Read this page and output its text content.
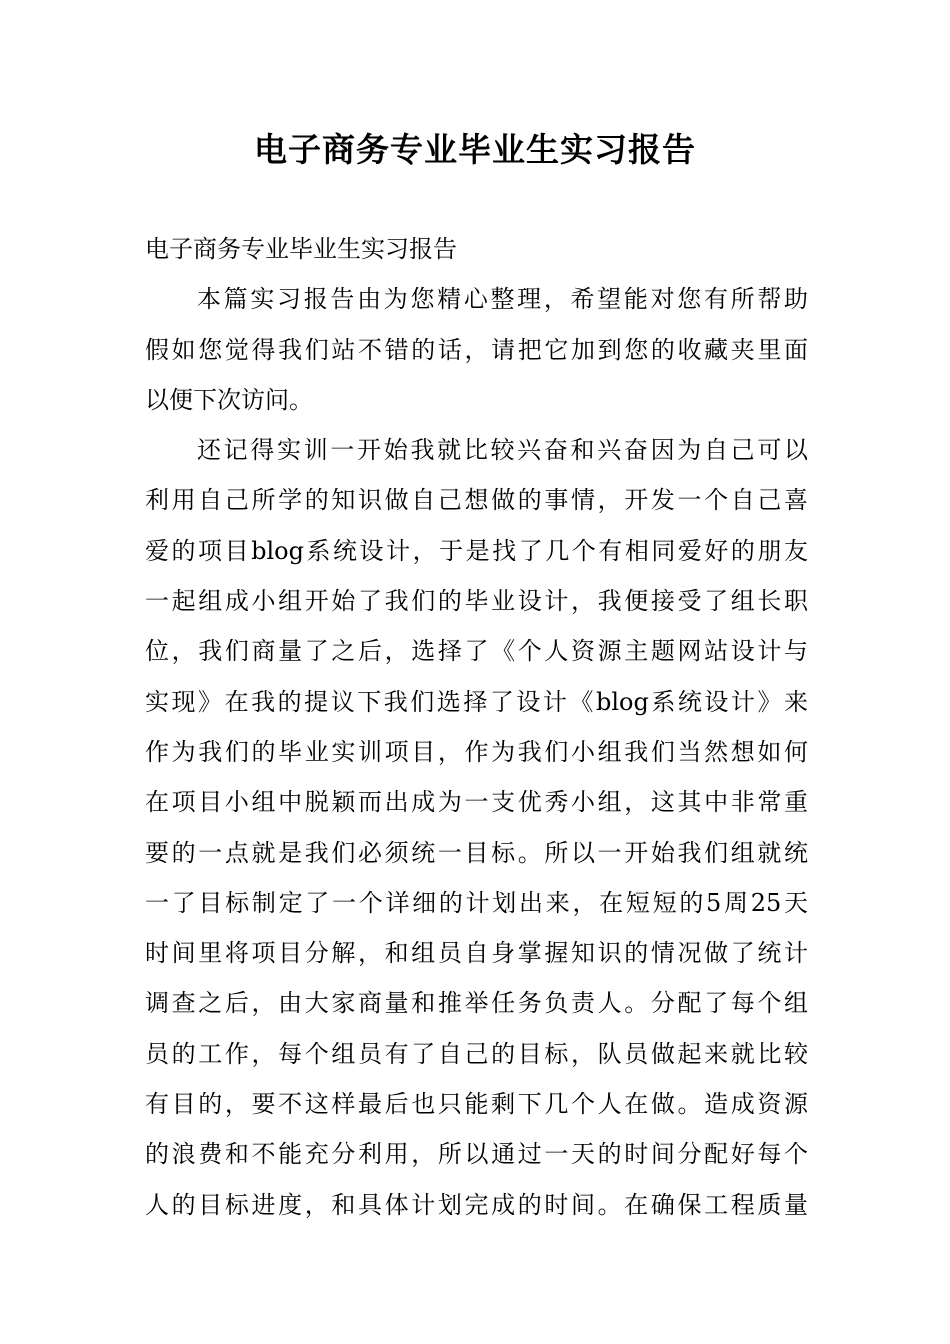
电子商务专业毕业生实习报告
电子商务专业毕业生实习报告
本篇实习报告由为您精心整理，希望能对您有所帮助
假如您觉得我们站不错的话，请把它加到您的收藏夹里面
以便下次访问。
还记得实训一开始我就比较兴奋和兴奋因为自己可以
利用自己所学的知识做自己想做的事情，开发一个自己喜
爱的项目blog系统设计，于是找了几个有相同爱好的朋友
一起组成小组开始了我们的毕业设计，我便接受了组长职
位，我们商量了之后，选择了《个人资源主题网站设计与
实现》在我的提议下我们选择了设计《blog系统设计》来
作为我们的毕业实训项目，作为我们小组我们当然想如何
在项目小组中脱颖而出成为一支优秀小组，这其中非常重
要的一点就是我们必须统一目标。所以一开始我们组就统
一了目标制定了一个详细的计划出来，在短短的5周25天
时间里将项目分解，和组员自身掌握知识的情况做了统计
调查之后，由大家商量和推举任务负责人。分配了每个组
员的工作，每个组员有了自己的目标，队员做起来就比较
有目的，要不这样最后也只能剩下几个人在做。造成资源
的浪费和不能充分利用，所以通过一天的时间分配好每个
人的目标进度，和具体计划完成的时间。在确保工程质量
